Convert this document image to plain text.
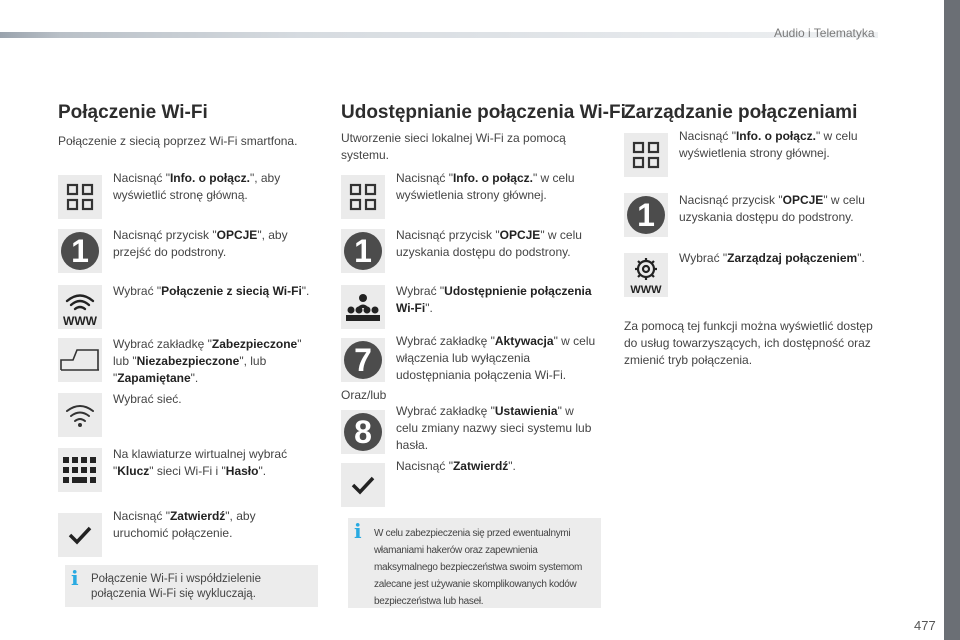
Audio i Telematyka
Połączenie Wi-Fi
Połączenie z siecią poprzez Wi-Fi smartfona.
Nacisnąć "Info. o połącz.", aby wyświetlić stronę główną.
1	Nacisnąć przycisk "OPCJE", aby przejść do podstrony.
WWW
Wybrać "Połączenie z siecią Wi-Fi".
Wybrać zakładkę "Zabezpieczone" lub "Niezabezpieczone", lub "Zapamiętane".
Wybrać sieć.
Na klawiaturze wirtualnej wybrać "Klucz" sieci Wi-Fi i "Hasło".
Nacisnąć "Zatwierdź", aby uruchomić połączenie.
i Połączenie Wi-Fi i współdzielenie połączenia Wi-Fi się wykluczają.
Udostępnianie połączenia Wi-Fi
Utworzenie sieci lokalnej Wi-Fi za pomocą systemu.
Nacisnąć "Info. o połącz." w celu wyświetlenia strony głównej.
1	Nacisnąć przycisk "OPCJE" w celu uzyskania dostępu do podstrony.
Wybrać "Udostępnienie połączenia Wi-Fi".
7
Wybrać zakładkę "Aktywacja" w celu włączenia lub wyłączenia udostępniania połączenia Wi-Fi.
Oraz/lub
8
Wybrać zakładkę "Ustawienia" w celu zmiany nazwy sieci systemu lub hasła.
Nacisnąć "Zatwierdź".
i W celu zabezpieczenia się przed ewentualnymi włamaniami hakerów oraz zapewnienia maksymalnego bezpieczeństwa swoim systemom zalecane jest używanie skomplikowanych kodów bezpieczeństwa lub haseł.
Zarządzanie połączeniami
Nacisnąć "Info. o połącz." w celu wyświetlenia strony głównej.
1	Nacisnąć przycisk "OPCJE" w celu uzyskania dostępu do podstrony.
WWW
Wybrać "Zarządzaj połączeniem".
Za pomocą tej funkcji można wyświetlić dostęp do usług towarzyszących, ich dostępność oraz zmienić tryb połączenia.
477
